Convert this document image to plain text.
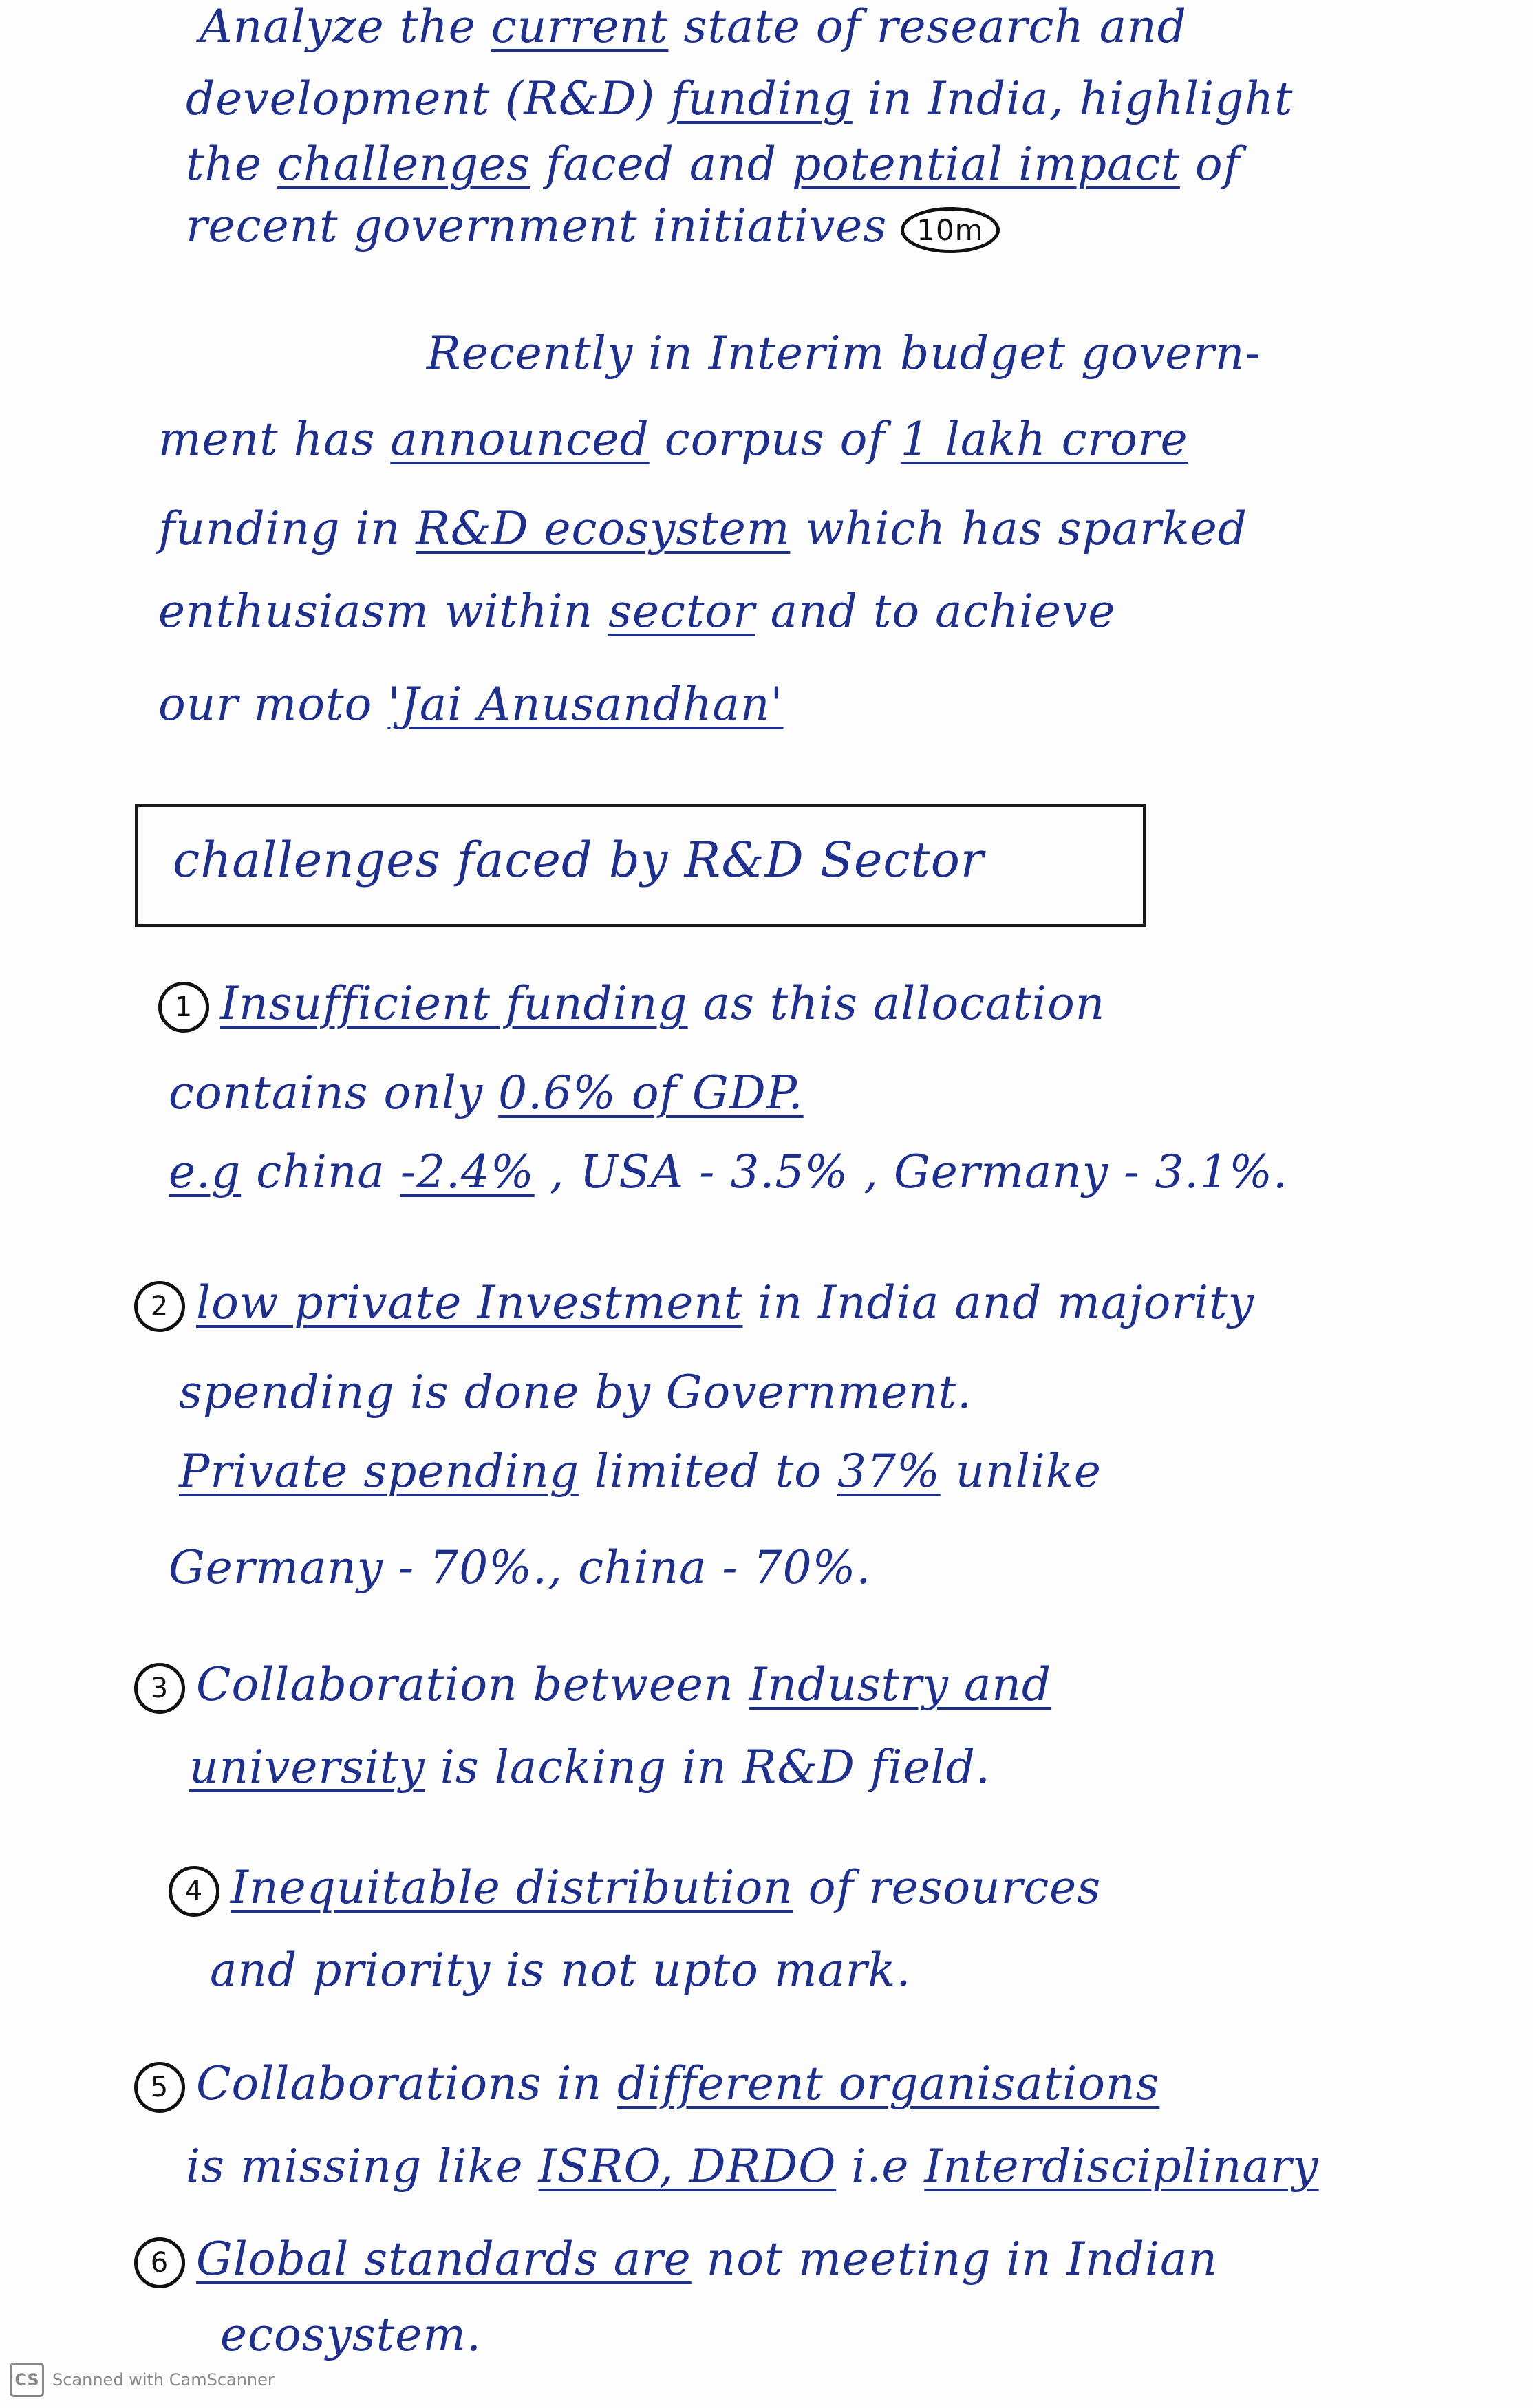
Analyze the current state of research and
development (R&D) funding in India, highlight
the challenges faced and potential impact of
recent government initiatives 10m
Recently in Interim budget govern-
ment has announced corpus of 1 lakh crore
funding in R&D ecosystem which has sparked
enthusiasm within sector and to achieve
our moto 'Jai Anusandhan'
challenges faced by R&D Sector
1 Insufficient funding as this allocation
contains only 0.6% of GDP.
e.g china -2.4% , USA - 3.5% , Germany - 3.1%.
2 low private Investment in India and majority
spending is done by Government.
Private spending limited to 37% unlike
Germany - 70%., china - 70%.
3 Collaboration between Industry and
university is lacking in R&D field.
4 Inequitable distribution of resources
and priority is not upto mark.
5 Collaborations in different organisations
is missing like ISRO, DRDO i.e Interdisciplinary
6 Global standards are not meeting in Indian
ecosystem.
CS Scanned with CamScanner
